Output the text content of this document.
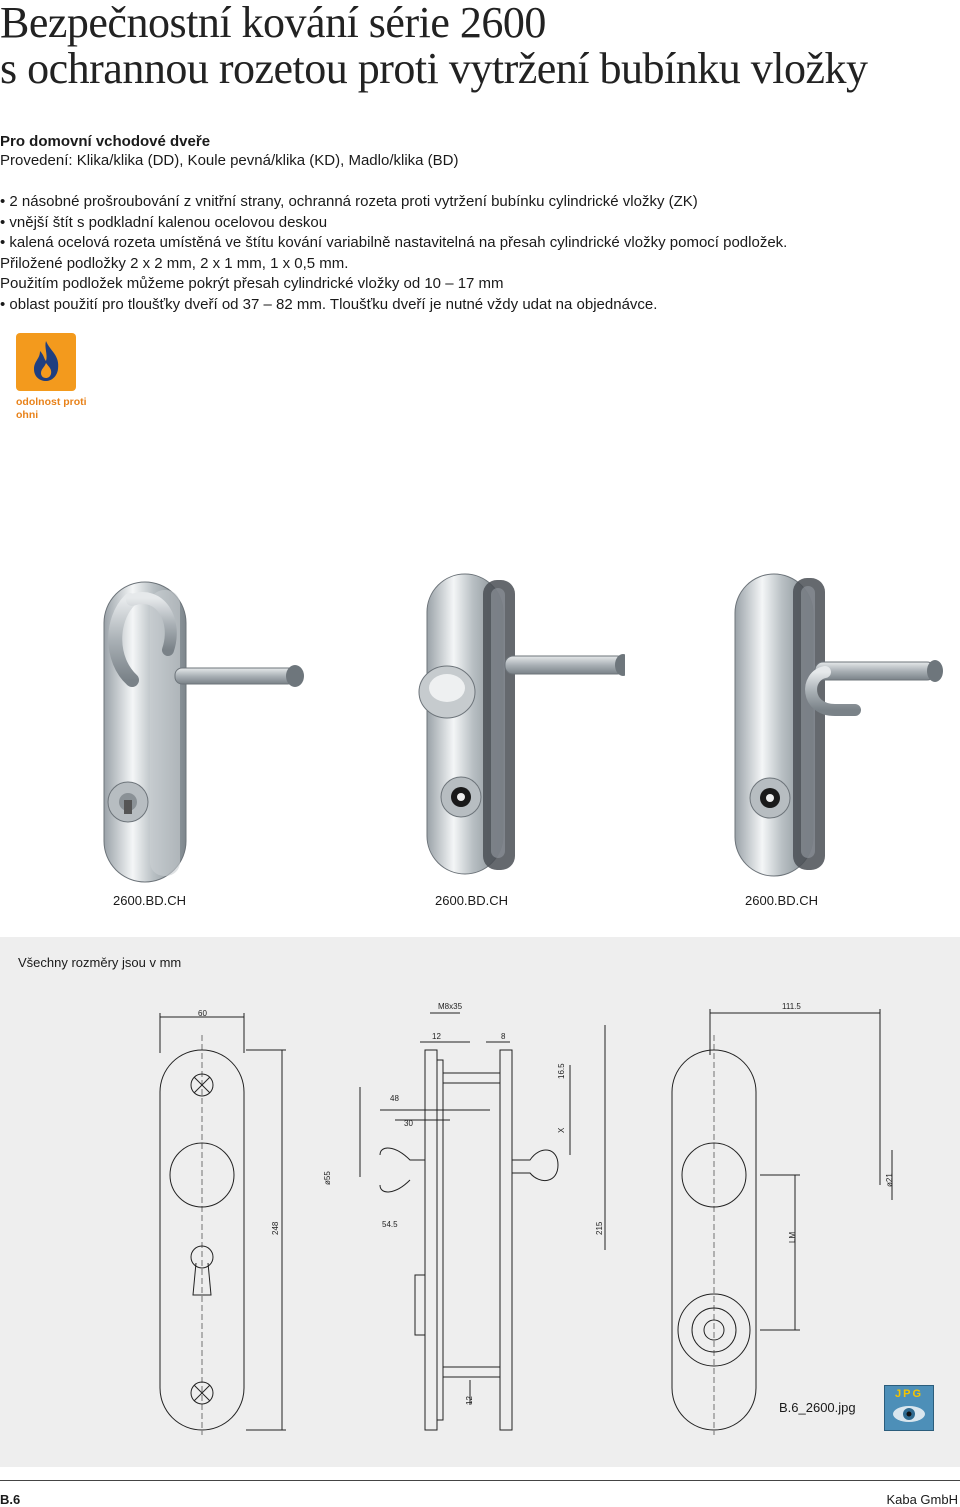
Bezpečnostní kování série 2600
s ochrannou rozetou proti vytržení bubínku vložky
Pro domovní vchodové dveře
Provedení: Klika/klika (DD), Koule pevná/klika (KD), Madlo/klika (BD)
• 2 násobné prošroubování z vnitřní strany, ochranná rozeta proti vytržení bubínku cylindrické vložky (ZK)
• vnější štít s podkladní kalenou ocelovou deskou
• kalená ocelová rozeta umístěná ve štítu kování variabilně nastavitelná na přesah cylindrické vložky pomocí podložek.
Přiložené podložky 2 x 2 mm, 2 x 1 mm, 1 x 0,5 mm.
Použitím podložek můžeme pokrýt přesah cylindrické vložky od 10 – 17 mm
• oblast použití pro tloušťky dveří od 37 – 82 mm. Tloušťku dveří je nutné vždy udat na objednávce.
odolnost proti
ohni
2600.BD.CH	2600.BD.CH	2600.BD.CH
Všechny rozměry jsou v mm
60
M8x35	111.5
12	8
16.5
48
30
X
ø55	ø21
248	54.5	215
LM
12	B.6_2600.jpg
JPG
B.6	Kaba GmbH
